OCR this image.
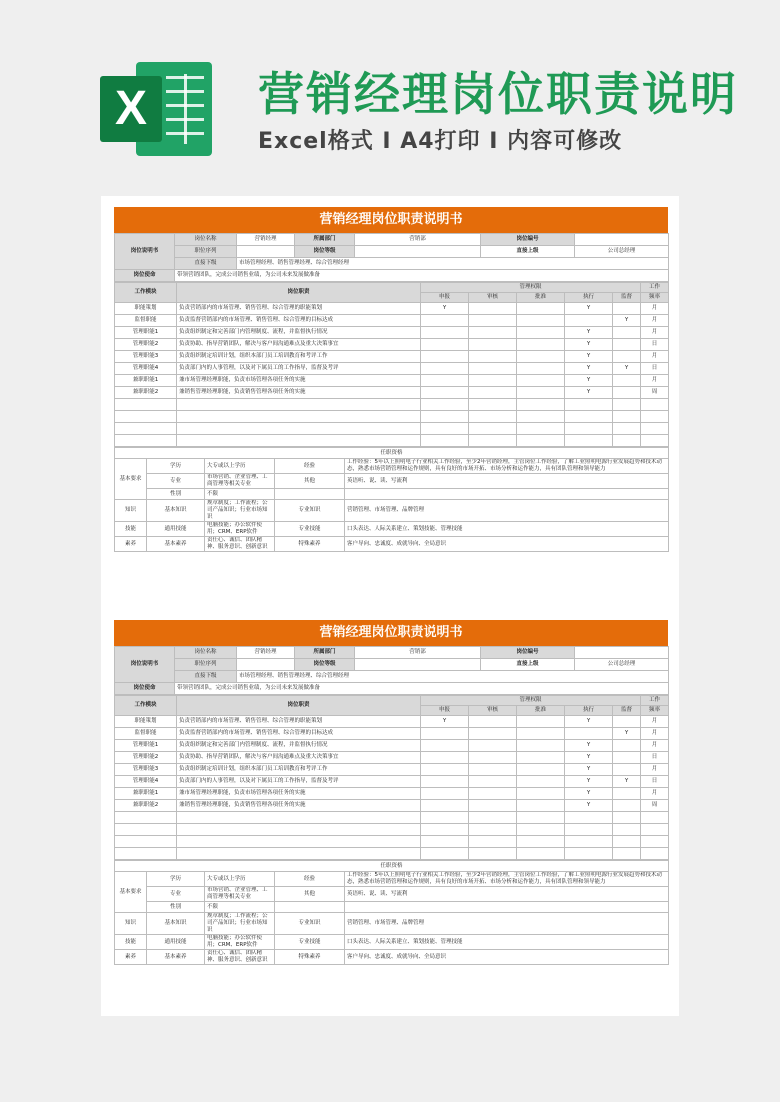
X	营销经理岗位职责说明
Excel格式 I A4打印 I 内容可修改
营销经理岗位职责说明书
岗位说明书	岗位名称	营销经理	所属部门	营销部	岗位编号	
	职位序列		岗位等级		直接上级	公司总经理
	直接下级	市场管理经理、销售管理经理、综合管理经理				
岗位使命	带领营销团队，完成公司销售业绩，为公司未来发展做准备					
工作模块	岗位职责	管理权限					工作
		申报	审核	批准	执行	监督	频率
职能策划	负责营销部内的市场管理、销售管理、综合管理的职能策划	Y			Y		月
监督职能	负责监督营销部内的市场管理、销售管理、综合管理的目标达成					Y	月
管理职能1	负责组织制定和完善部门内管理制度、流程，并监督执行情况				Y		月
管理职能2	负责协助、指导营销团队，解决与客户间沟通难点及重大决策事宜				Y		日
管理职能3	负责组织制定培训计划，组织本部门员工培训教育和考评工作				Y		月
管理职能4	负责部门内的人事管理，以及对下属员工的工作指导，监督及考评				Y	Y	日
兼职职能1	兼市场管理经理职能，负责市场管理各项任务的实施				Y		月
兼职职能2	兼销售管理经理职能，负责销售管理各项任务的实施				Y		周

任职资格				
基本要求	学历	大专或以上学历	经验	工作经验：5年以上照明电子行业相关工作经验，至少2年营销经理，主管岗位工作经验，了解工业照明电源行业发展趋势和技术动态，熟悉市场营销管理和运作规则，具有良好的市场开拓、市场分析和运作能力，具有团队管理和领导能力
	专业	市场营销、企业管理、工商管理等相关专业	其他	英语听、说、读、写流利
	性别	不限		
知识	基本知识	规章制度；工作流程；公司产品知识；行业市场知识	专业知识	营销管理、市场管理、品牌管理
技能	通用技能	电脑技能；办公软件使用；CRM、ERP软件	专业技能	口头表达、人际关系建立、策划技能、管理技能
素养	基本素养	责任心、诚信、团队精神、服务意识、创新意识	特殊素养	客户导向、忠诚度、成就导向、全局意识
营销经理岗位职责说明书
岗位说明书	岗位名称	营销经理	所属部门	营销部	岗位编号	
	职位序列		岗位等级		直接上级	公司总经理
	直接下级	市场管理经理、销售管理经理、综合管理经理				
岗位使命	带领营销团队，完成公司销售业绩，为公司未来发展做准备					
工作模块	岗位职责	管理权限					工作
		申报	审核	批准	执行	监督	频率
职能策划	负责营销部内的市场管理、销售管理、综合管理的职能策划	Y			Y		月
监督职能	负责监督营销部内的市场管理、销售管理、综合管理的目标达成					Y	月
管理职能1	负责组织制定和完善部门内管理制度、流程，并监督执行情况				Y		月
管理职能2	负责协助、指导营销团队，解决与客户间沟通难点及重大决策事宜				Y		日
管理职能3	负责组织制定培训计划，组织本部门员工培训教育和考评工作				Y		月
管理职能4	负责部门内的人事管理，以及对下属员工的工作指导，监督及考评				Y	Y	日
兼职职能1	兼市场管理经理职能，负责市场管理各项任务的实施				Y		月
兼职职能2	兼销售管理经理职能，负责销售管理各项任务的实施				Y		周

任职资格				
基本要求	学历	大专或以上学历	经验	工作经验：5年以上照明电子行业相关工作经验，至少2年营销经理，主管岗位工作经验，了解工业照明电源行业发展趋势和技术动态，熟悉市场营销管理和运作规则，具有良好的市场开拓、市场分析和运作能力，具有团队管理和领导能力
	专业	市场营销、企业管理、工商管理等相关专业	其他	英语听、说、读、写流利
	性别	不限		
知识	基本知识	规章制度；工作流程；公司产品知识；行业市场知识	专业知识	营销管理、市场管理、品牌管理
技能	通用技能	电脑技能；办公软件使用；CRM、ERP软件	专业技能	口头表达、人际关系建立、策划技能、管理技能
素养	基本素养	责任心、诚信、团队精神、服务意识、创新意识	特殊素养	客户导向、忠诚度、成就导向、全局意识
